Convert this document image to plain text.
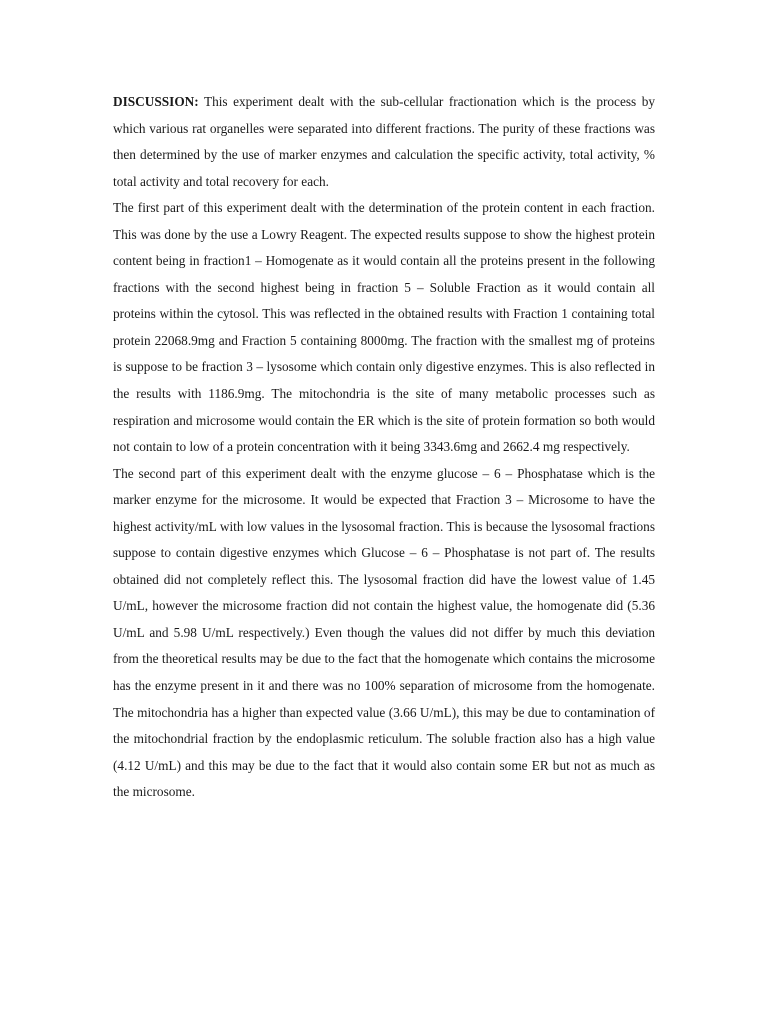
DISCUSSION: This experiment dealt with the sub-cellular fractionation which is the process by which various rat organelles were separated into different fractions. The purity of these fractions was then determined by the use of marker enzymes and calculation the specific activity, total activity, % total activity and total recovery for each.

The first part of this experiment dealt with the determination of the protein content in each fraction. This was done by the use a Lowry Reagent. The expected results suppose to show the highest protein content being in fraction1 – Homogenate as it would contain all the proteins present in the following fractions with the second highest being in fraction 5 – Soluble Fraction as it would contain all proteins within the cytosol. This was reflected in the obtained results with Fraction 1 containing total protein 22068.9mg and Fraction 5 containing 8000mg. The fraction with the smallest mg of proteins is suppose to be fraction 3 – lysosome which contain only digestive enzymes. This is also reflected in the results with 1186.9mg. The mitochondria is the site of many metabolic processes such as respiration and microsome would contain the ER which is the site of protein formation so both would not contain to low of a protein concentration with it being 3343.6mg and 2662.4 mg respectively.

The second part of this experiment dealt with the enzyme glucose – 6 – Phosphatase which is the marker enzyme for the microsome. It would be expected that Fraction 3 – Microsome to have the highest activity/mL with low values in the lysosomal fraction. This is because the lysosomal fractions suppose to contain digestive enzymes which Glucose – 6 – Phosphatase is not part of. The results obtained did not completely reflect this. The lysosomal fraction did have the lowest value of 1.45 U/mL, however the microsome fraction did not contain the highest value, the homogenate did (5.36 U/mL and 5.98 U/mL respectively.) Even though the values did not differ by much this deviation from the theoretical results may be due to the fact that the homogenate which contains the microsome has the enzyme present in it and there was no 100% separation of microsome from the homogenate. The mitochondria has a higher than expected value (3.66 U/mL), this may be due to contamination of the mitochondrial fraction by the endoplasmic reticulum. The soluble fraction also has a high value (4.12 U/mL) and this may be due to the fact that it would also contain some ER but not as much as the microsome.
